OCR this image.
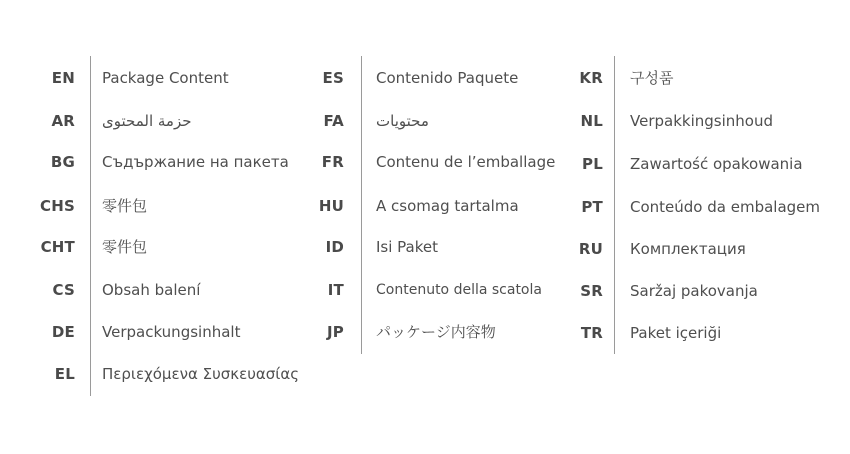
EN Package Content
AR حزمة المحتوى
BG Съдържание на пакета
CHS 零件包
CHT 零件包
CS Obsah balení
DE Verpackungsinhalt
EL Περιεχόμενα Συσκευασίας
ES Contenido Paquete
FA محتویات
FR Contenu de l’emballage
HU A csomag tartalma
ID Isi Paket
IT Contenuto della scatola
JP パッケージ内容物
KR 구성품
NL Verpakkingsinhoud
PL Zawartość opakowania
PT Conteúdo da embalagem
RU Комплектация
SR Saržaj pakovanja
TR Paket içeriği
